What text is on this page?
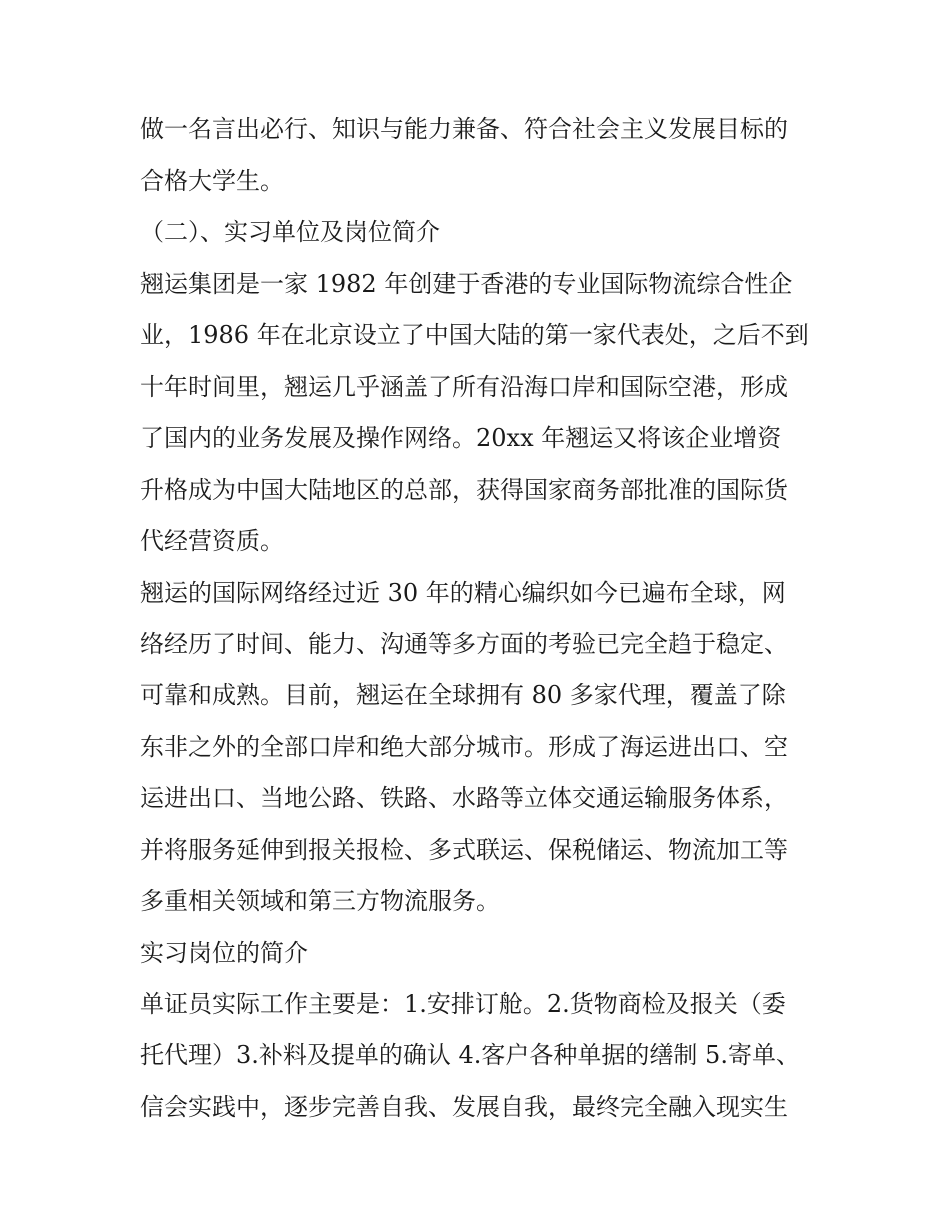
做一名言出必行、知识与能力兼备、符合社会主义发展目标的
合格大学生。
（二）、实习单位及岗位简介
翘运集团是一家 1982 年创建于香港的专业国际物流综合性企
业，1986 年在北京设立了中国大陆的第一家代表处，之后不到
十年时间里，翘运几乎涵盖了所有沿海口岸和国际空港，形成
了国内的业务发展及操作网络。20xx 年翘运又将该企业增资
升格成为中国大陆地区的总部，获得国家商务部批准的国际货
代经营资质。
翘运的国际网络经过近 30 年的精心编织如今已遍布全球，网
络经历了时间、能力、沟通等多方面的考验已完全趋于稳定、
可靠和成熟。目前，翘运在全球拥有 80 多家代理，覆盖了除
东非之外的全部口岸和绝大部分城市。形成了海运进出口、空
运进出口、当地公路、铁路、水路等立体交通运输服务体系，
并将服务延伸到报关报检、多式联运、保税储运、物流加工等
多重相关领域和第三方物流服务。
实习岗位的简介
单证员实际工作主要是：1.安排订舱。2.货物商检及报关（委
托代理）3.补料及提单的确认 4.客户各种单据的缮制 5.寄单、
信会实践中，逐步完善自我、发展自我，最终完全融入现实生
